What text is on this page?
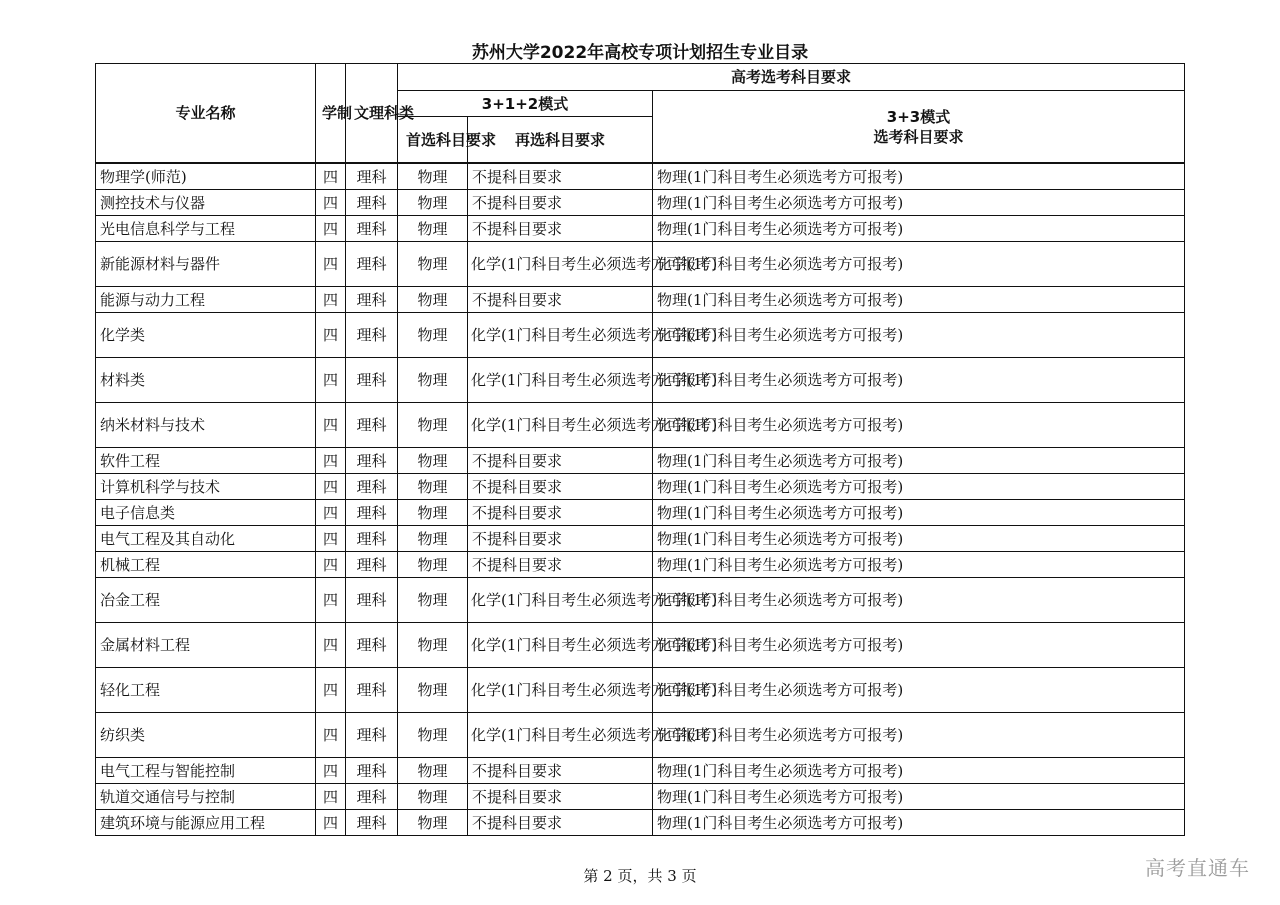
苏州大学2022年高校专项计划招生专业目录
专业名称	学制	文理科类	高考选考科目要求		
			3+1+2模式		3+3模式
选考科目要求

			首选科目要求	再选科目要求	
物理学(师范)	四	理科	物理	不提科目要求	物理(1门科目考生必须选考方可报考)
测控技术与仪器	四	理科	物理	不提科目要求	物理(1门科目考生必须选考方可报考)
光电信息科学与工程	四	理科	物理	不提科目要求	物理(1门科目考生必须选考方可报考)
新能源材料与器件	四	理科	物理	化学(1门科目考生必须选考方可报考)	化学(1门科目考生必须选考方可报考)
能源与动力工程	四	理科	物理	不提科目要求	物理(1门科目考生必须选考方可报考)
化学类	四	理科	物理	化学(1门科目考生必须选考方可报考)	化学(1门科目考生必须选考方可报考)
材料类	四	理科	物理	化学(1门科目考生必须选考方可报考)	化学(1门科目考生必须选考方可报考)
纳米材料与技术	四	理科	物理	化学(1门科目考生必须选考方可报考)	化学(1门科目考生必须选考方可报考)
软件工程	四	理科	物理	不提科目要求	物理(1门科目考生必须选考方可报考)
计算机科学与技术	四	理科	物理	不提科目要求	物理(1门科目考生必须选考方可报考)
电子信息类	四	理科	物理	不提科目要求	物理(1门科目考生必须选考方可报考)
电气工程及其自动化	四	理科	物理	不提科目要求	物理(1门科目考生必须选考方可报考)
机械工程	四	理科	物理	不提科目要求	物理(1门科目考生必须选考方可报考)
冶金工程	四	理科	物理	化学(1门科目考生必须选考方可报考)	化学(1门科目考生必须选考方可报考)
金属材料工程	四	理科	物理	化学(1门科目考生必须选考方可报考)	化学(1门科目考生必须选考方可报考)
轻化工程	四	理科	物理	化学(1门科目考生必须选考方可报考)	化学(1门科目考生必须选考方可报考)
纺织类	四	理科	物理	化学(1门科目考生必须选考方可报考)	化学(1门科目考生必须选考方可报考)
电气工程与智能控制	四	理科	物理	不提科目要求	物理(1门科目考生必须选考方可报考)
轨道交通信号与控制	四	理科	物理	不提科目要求	物理(1门科目考生必须选考方可报考)
建筑环境与能源应用工程	四	理科	物理	不提科目要求	物理(1门科目考生必须选考方可报考)
第 2 页，共 3 页	高考直通车
